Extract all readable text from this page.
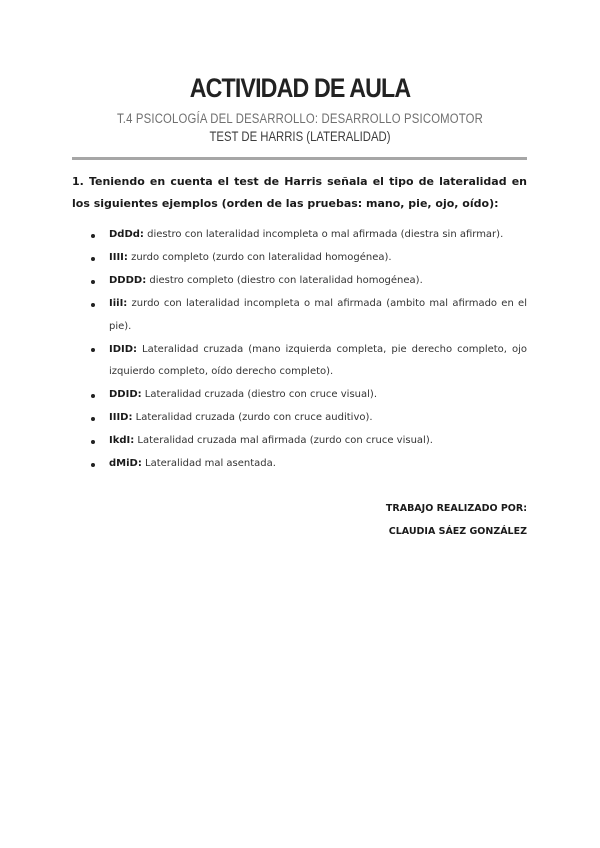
ACTIVIDAD DE AULA

T.4 PSICOLOGÍA DEL DESARROLLO: DESARROLLO PSICOMOTOR

TEST DE HARRIS (LATERALIDAD)

1. Teniendo en cuenta el test de Harris señala el tipo de lateralidad en los siguientes ejemplos (orden de las pruebas: mano, pie, ojo, oído):

DdDd: diestro con lateralidad incompleta o mal afirmada (diestra sin afirmar).
IIII: zurdo completo (zurdo con lateralidad homogénea).
DDDD: diestro completo (diestro con lateralidad homogénea).
IiiI: zurdo con lateralidad incompleta o mal afirmada (ambito mal afirmado en el pie).
IDID: Lateralidad cruzada (mano izquierda completa, pie derecho completo, ojo izquierdo completo, oído derecho completo).
DDID: Lateralidad cruzada (diestro con cruce visual).
IIID: Lateralidad cruzada (zurdo con cruce auditivo).
IkdI: Lateralidad cruzada mal afirmada (zurdo con cruce visual).
dMiD: Lateralidad mal asentada.
TRABAJO REALIZADO POR:
CLAUDIA SÁEZ GONZÁLEZ
